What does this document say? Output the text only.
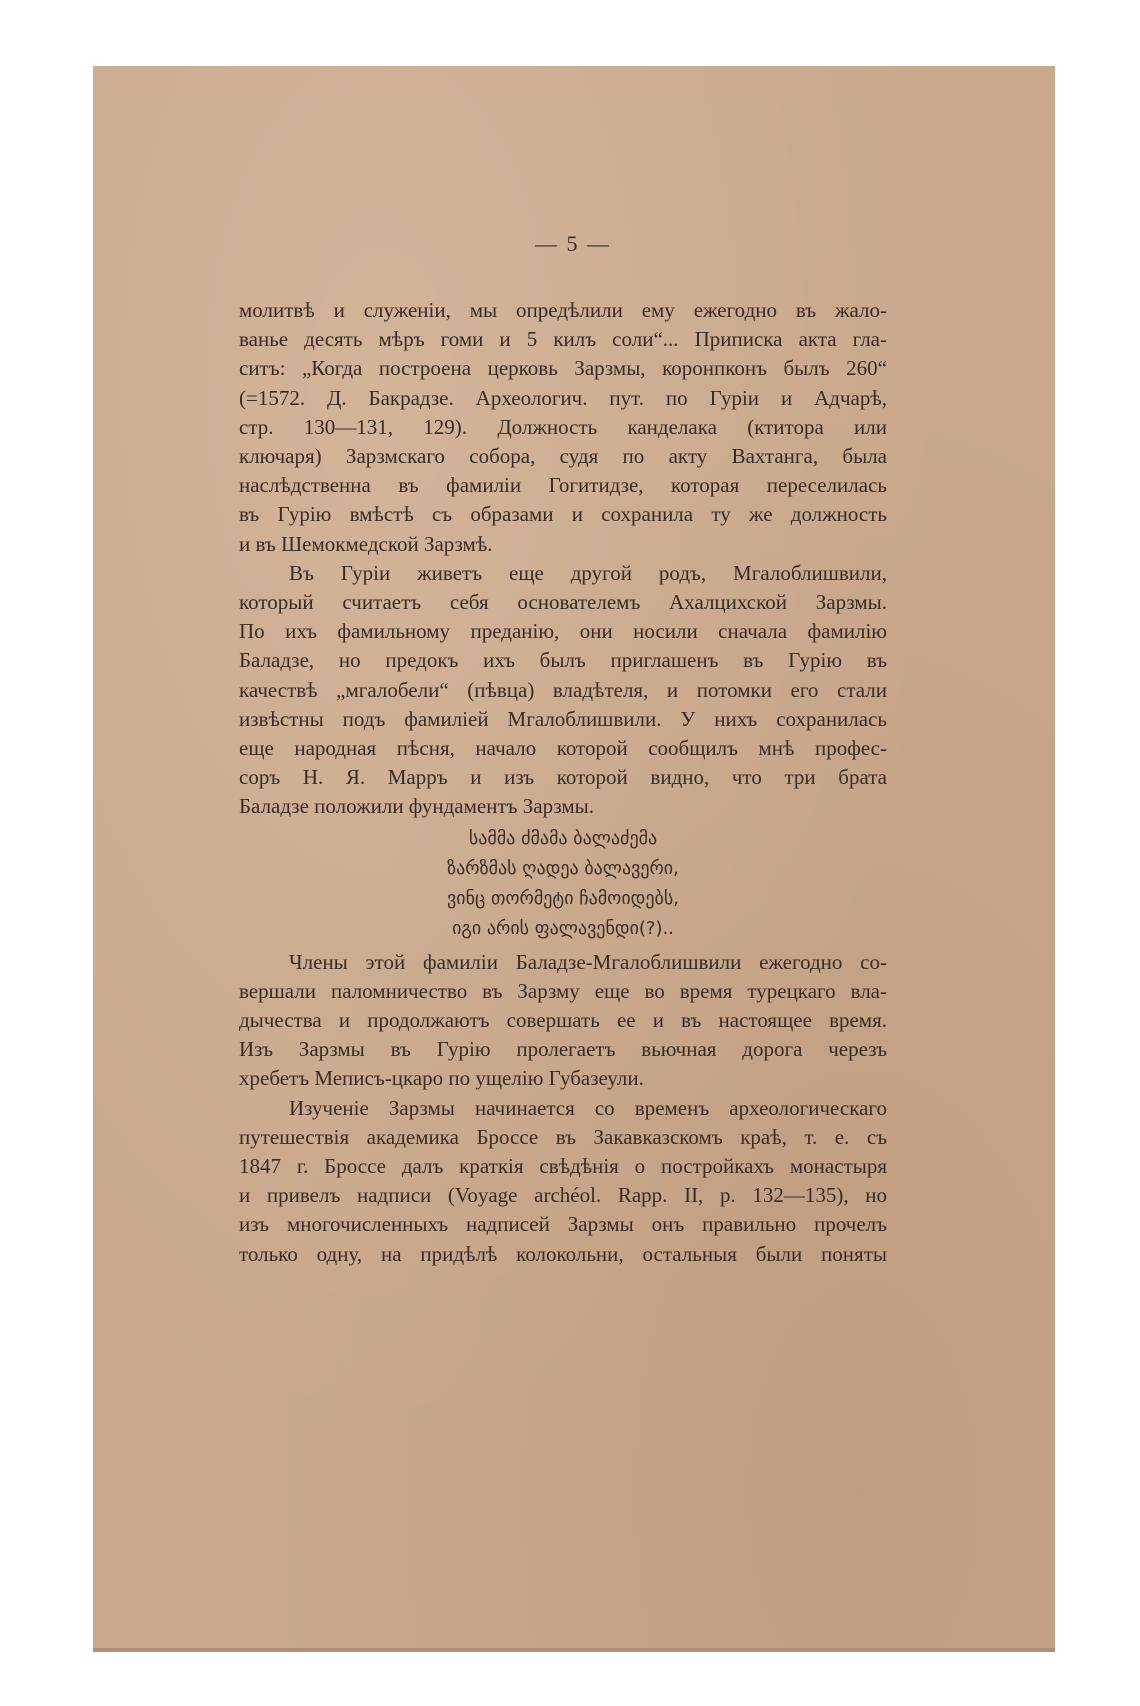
— 5 —

молитвѣ и служеніи, мы опредѣлили ему ежегодно въ жало-
ванье десять мѣръ гоми и 5 килъ соли“... Приписка акта гла-
ситъ: „Когда построена церковь Зарзмы, коронпконъ былъ 260“
(=1572. Д. Бакрадзе. Археологич. пут. по Гуріи и Адчарѣ,
стр. 130—131, 129). Должность канделака (ктитора или
ключаря) Зарзмскаго собора, судя по акту Вахтанга, была
наслѣдственна въ фамиліи Гогитидзе, которая переселилась
въ Гурію вмѣстѣ съ образами и сохранила ту же должность
и въ Шемокмедской Зарзмѣ.

Въ Гуріи живетъ еще другой родъ, Мгалоблишвили,
который считаетъ себя основателемъ Ахалцихской Зарзмы.
По ихъ фамильному преданію, они носили сначала фамилію
Баладзе, но предокъ ихъ былъ приглашенъ въ Гурію въ
качествѣ „мгалобели“ (пѣвца) владѣтеля, и потомки его стали
извѣстны подъ фамиліей Мгалоблишвили. У нихъ сохранилась
еще народная пѣсня, начало которой сообщилъ мнѣ профес-
соръ Н. Я. Марръ и изъ которой видно, что три брата
Баладзе положили фундаментъ Зарзмы.

სამმა ძმამა ბალაძემა
ზარზმას ღადეა ბალავერი,
ვინც თორმეტი ჩამოიდებს,
იგი არის ფალავენდი(?)..

Члены этой фамиліи Баладзе-Мгалоблишвили ежегодно со-
вершали паломничество въ Зарзму еще во время турецкаго вла-
дычества и продолжаютъ совершать ее и въ настоящее время.
Изъ Зарзмы въ Гурію пролегаетъ вьючная дорога черезъ
хребетъ Меписъ-цкаро по ущелію Губазеули.

Изученіе Зарзмы начинается со временъ археологическаго
путешествія академика Броссе въ Закавказскомъ краѣ, т. е. съ
1847 г. Броссе далъ краткія свѣдѣнія о постройкахъ монастыря
и привелъ надписи (Voyage archéol. Rapp. II, p. 132—135), но
изъ многочисленныхъ надписей Зарзмы онъ правильно прочелъ
только одну, на придѣлѣ колокольни, остальныя были поняты
